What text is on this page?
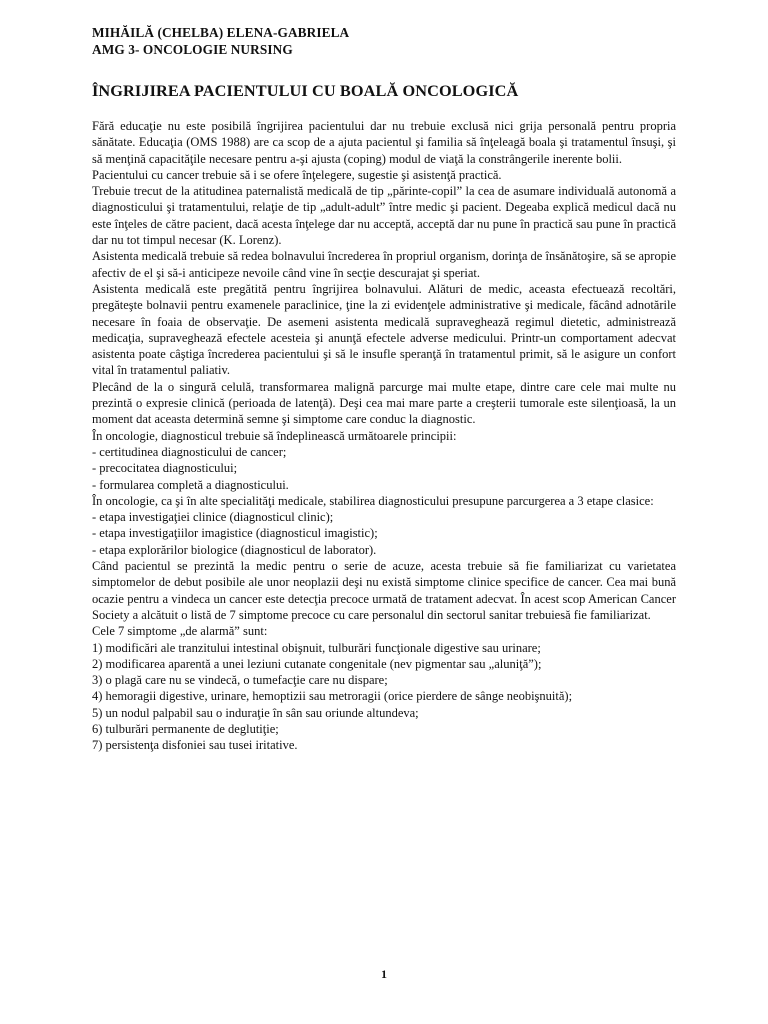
MIHĂILĂ (CHELBA) ELENA-GABRIELA

AMG 3- ONCOLOGIE NURSING

ÎNGRIJIREA PACIENTULUI CU BOALĂ ONCOLOGICĂ

Fără educaţie nu este posibilă îngrijirea pacientului dar nu trebuie exclusă nici grija personală pentru propria sănătate. Educaţia (OMS 1988) are ca scop de a ajuta pacientul şi familia să înţeleagă boala şi tratamentul însuşi, şi să menţină capacităţile necesare pentru a-şi ajusta (coping) modul de viaţă la constrângerile inerente bolii.

Pacientului cu cancer trebuie să i se ofere înţelegere, sugestie şi asistenţă practică.

Trebuie trecut de la atitudinea paternalistă medicală de tip „părinte-copil” la cea de asumare individuală autonomă a diagnosticului şi tratamentului, relaţie de tip „adult-adult” între medic şi pacient. Degeaba explică medicul dacă nu este înţeles de către pacient, dacă acesta înţelege dar nu acceptă, acceptă dar nu pune în practică sau pune în practică dar nu tot timpul necesar (K. Lorenz).

Asistenta medicală trebuie să redea bolnavului încrederea în propriul organism, dorinţa de însănătoşire, să se apropie afectiv de el şi să-i anticipeze nevoile când vine în secţie descurajat şi speriat.

Asistenta medicală este pregătită pentru îngrijirea bolnavului. Alături de medic, aceasta efectuează recoltări, pregăteşte bolnavii pentru examenele paraclinice, ţine la zi evidenţele administrative şi medicale, făcând adnotările necesare în foaia de observaţie. De asemeni asistenta medicală supraveghează regimul dietetic, administrează medicaţia, supraveghează efectele acesteia şi anunţă efectele adverse medicului. Printr-un comportament adecvat asistenta poate câştiga încrederea pacientului şi să le insufle speranţă în tratamentul primit, să le asigure un confort vital în tratamentul paliativ.

Plecând de la o singură celulă, transformarea malignă parcurge mai multe etape, dintre care cele mai multe nu prezintă o expresie clinică (perioada de latenţă). Deşi cea mai mare parte a creşterii tumorale este silenţioasă, la un moment dat aceasta determină semne şi simptome care conduc la diagnostic.

În oncologie, diagnosticul trebuie să îndeplinească următoarele principii:

- certitudinea diagnosticului de cancer;

- precocitatea diagnosticului;

- formularea completă a diagnosticului.

În oncologie, ca şi în alte specialităţi medicale, stabilirea diagnosticului presupune parcurgerea a 3 etape clasice:

- etapa investigaţiei clinice (diagnosticul clinic);

- etapa investigaţiilor imagistice (diagnosticul imagistic);

- etapa explorărilor biologice (diagnosticul de laborator).

Când pacientul se prezintă la medic pentru o serie de acuze, acesta trebuie să fie familiarizat cu varietatea simptomelor de debut posibile ale unor neoplazii deşi nu există simptome clinice specifice de cancer. Cea mai bună ocazie pentru a vindeca un cancer este detecţia precoce urmată de tratament adecvat. În acest scop American Cancer Society a alcătuit o listă de 7 simptome precoce cu care personalul din sectorul sanitar trebuiesă fie familiarizat.

Cele 7 simptome „de alarmă” sunt:

1) modificări ale tranzitului intestinal obişnuit, tulburări funcţionale digestive sau urinare;

2) modificarea aparentă a unei leziuni cutanate congenitale (nev pigmentar sau „aluniţă”);

3) o plagă care nu se vindecă, o tumefacţie care nu dispare;

4) hemoragii digestive, urinare, hemoptizii sau metroragii (orice pierdere de sânge neobişnuită);

5) un nodul palpabil sau o induraţie în sân sau oriunde altundeva;

6) tulburări permanente de deglutiţie;

7) persistenţa disfoniei sau tusei iritative.

1
